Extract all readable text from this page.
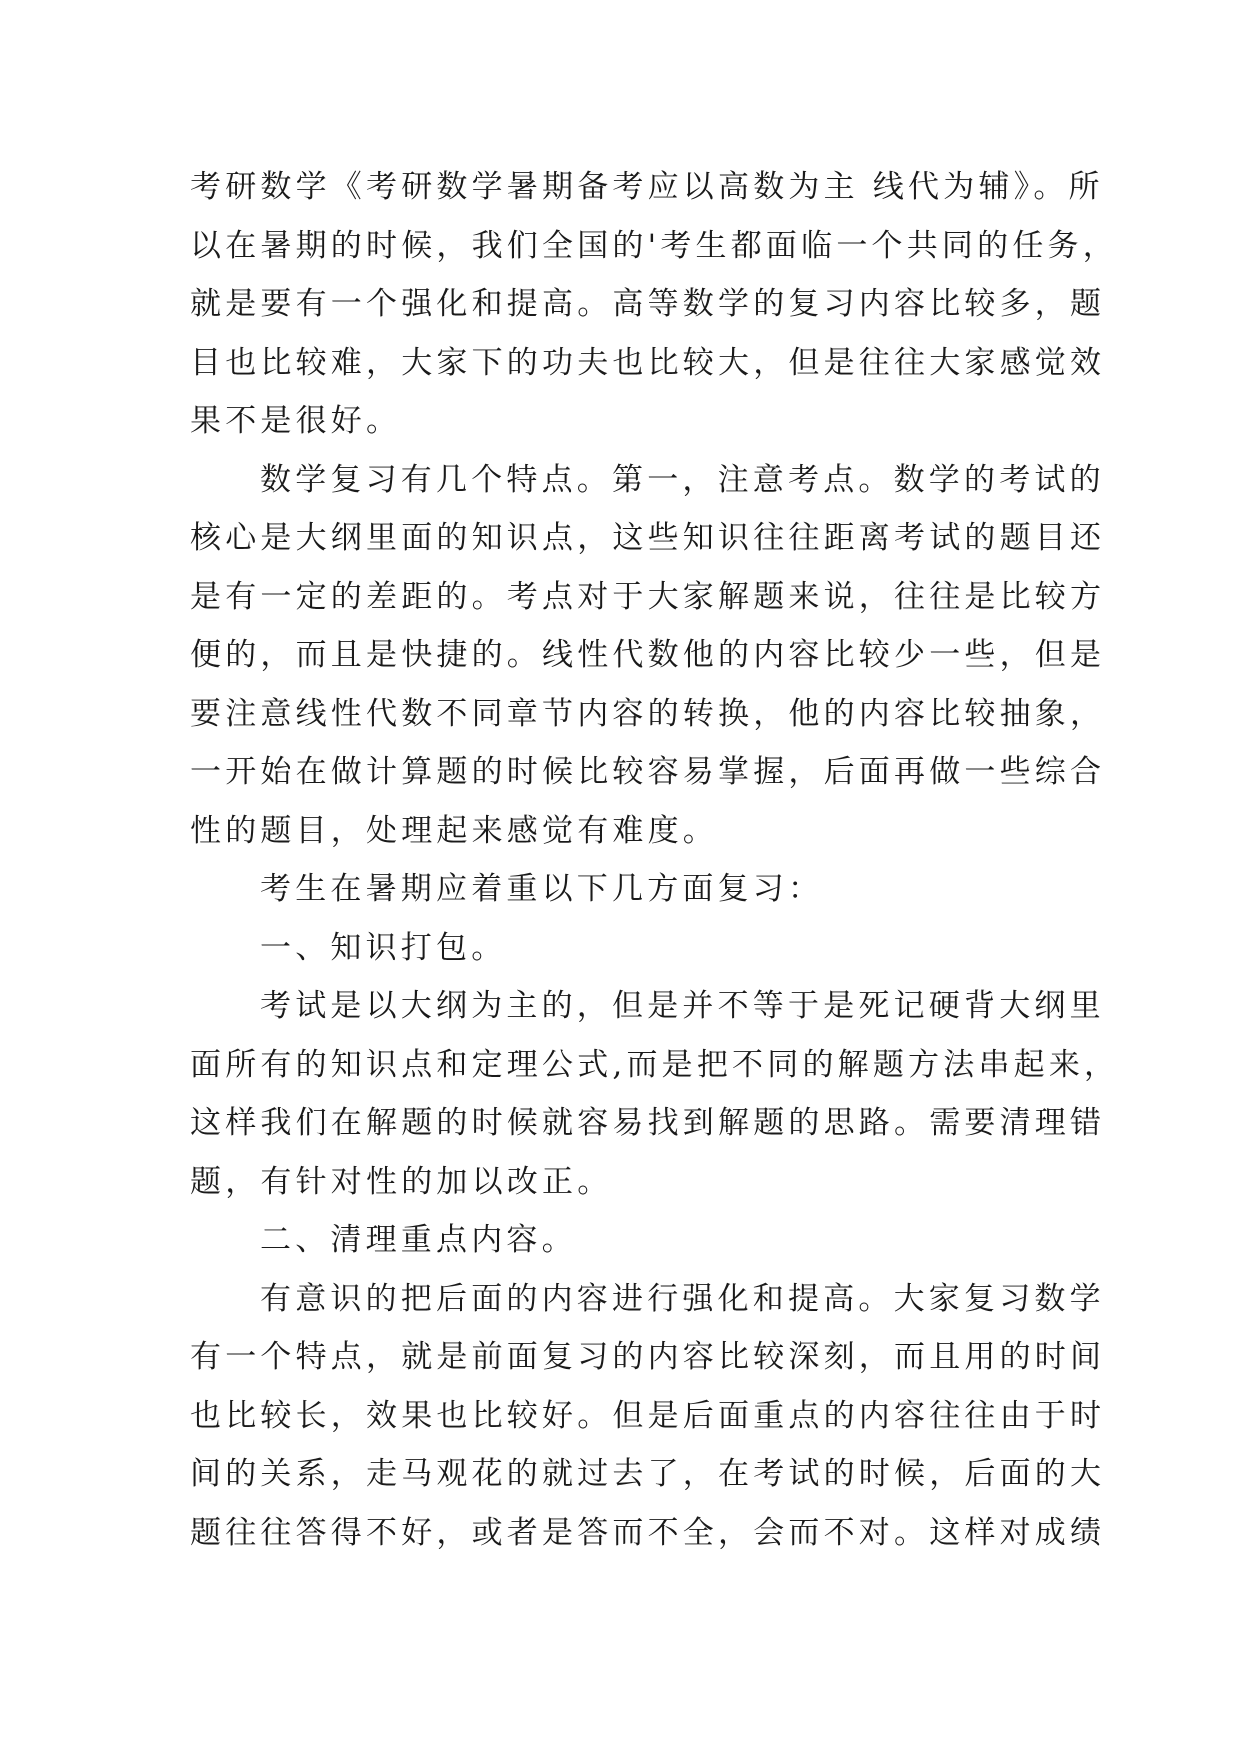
考研数学《考研数学暑期备考应以高数为主 线代为辅》。所
以在暑期的时候，我们全国的'考生都面临一个共同的任务，
就是要有一个强化和提高。高等数学的复习内容比较多，题
目也比较难，大家下的功夫也比较大，但是往往大家感觉效
果不是很好。
数学复习有几个特点。第一，注意考点。数学的考试的
核心是大纲里面的知识点，这些知识往往距离考试的题目还
是有一定的差距的。考点对于大家解题来说，往往是比较方
便的，而且是快捷的。线性代数他的内容比较少一些，但是
要注意线性代数不同章节内容的转换，他的内容比较抽象，
一开始在做计算题的时候比较容易掌握，后面再做一些综合
性的题目，处理起来感觉有难度。
考生在暑期应着重以下几方面复习：
一、知识打包。
考试是以大纲为主的，但是并不等于是死记硬背大纲里
面所有的知识点和定理公式,而是把不同的解题方法串起来，
这样我们在解题的时候就容易找到解题的思路。需要清理错
题，有针对性的加以改正。
二、清理重点内容。
有意识的把后面的内容进行强化和提高。大家复习数学
有一个特点，就是前面复习的内容比较深刻，而且用的时间
也比较长，效果也比较好。但是后面重点的内容往往由于时
间的关系，走马观花的就过去了，在考试的时候，后面的大
题往往答得不好，或者是答而不全，会而不对。这样对成绩
